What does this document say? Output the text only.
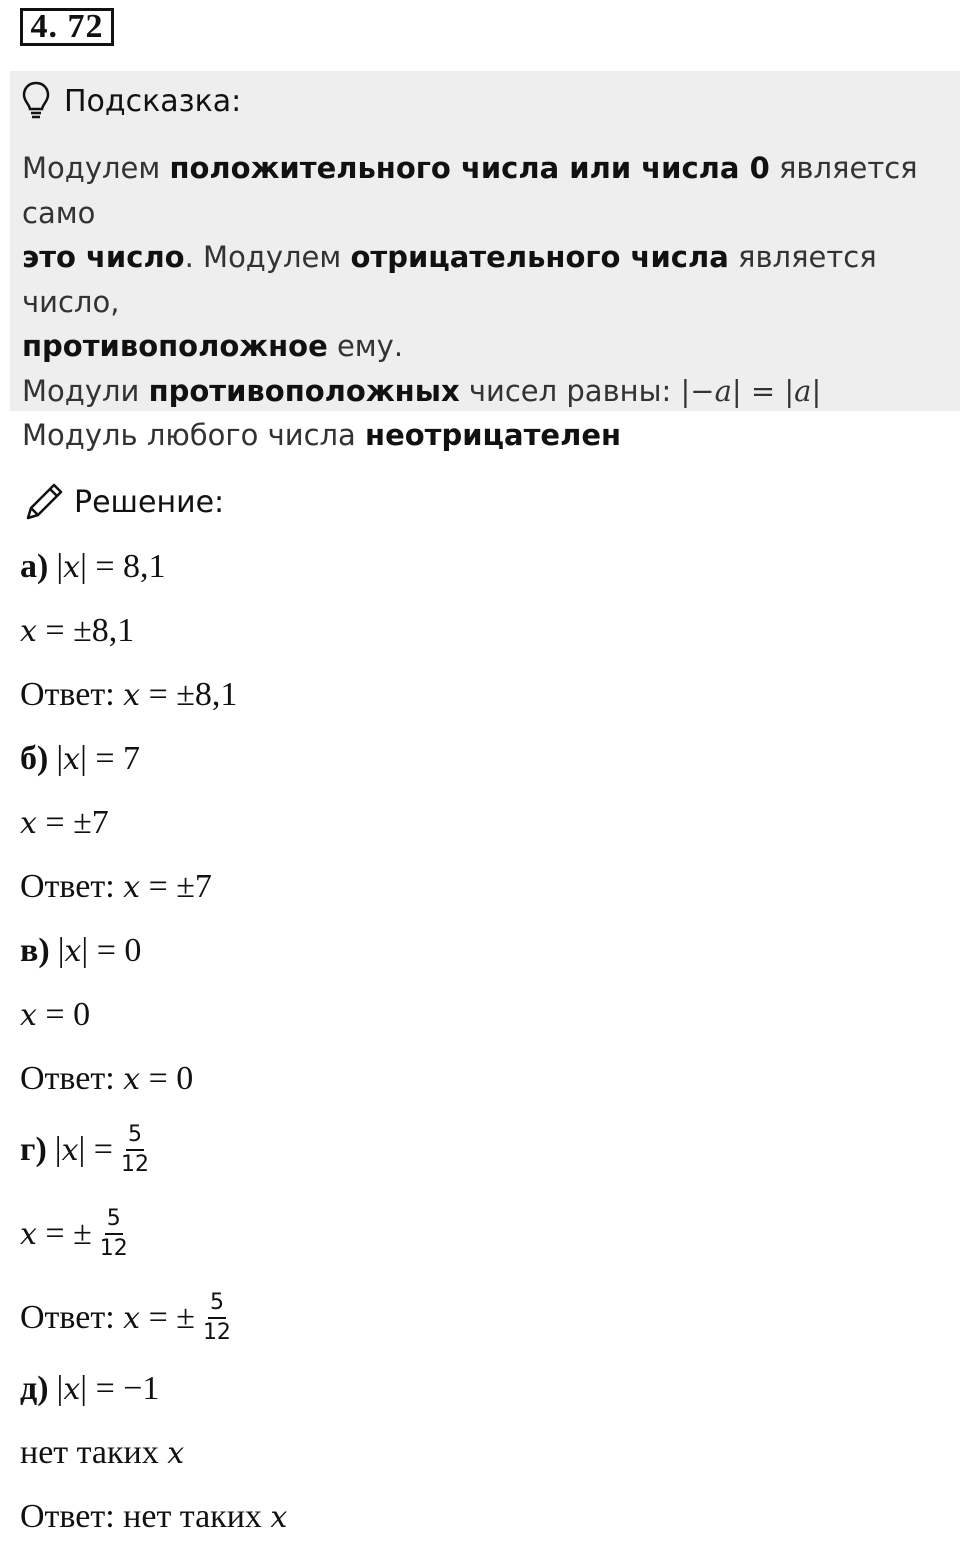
4. 72
Подсказка:
Модулем положительного числа или числа 0 является само
это число. Модулем отрицательного числа является число,
противоположное ему.
Модули противоположных чисел равны: |−a| = |a|
Модуль любого числа неотрицателен
Решение:
а) |x| = 8,1
x = ±8,1
Ответ: x = ±8,1
б) |x| = 7
x = ±7
Ответ: x = ±7
в) |x| = 0
x = 0
Ответ: x = 0
г) $|x| = \frac{5}{12}$
x = ± $\frac{5}{12}$
Ответ: x = ± $\frac{5}{12}$
д) |x| = −1
нет таких x
Ответ: нет таких x
